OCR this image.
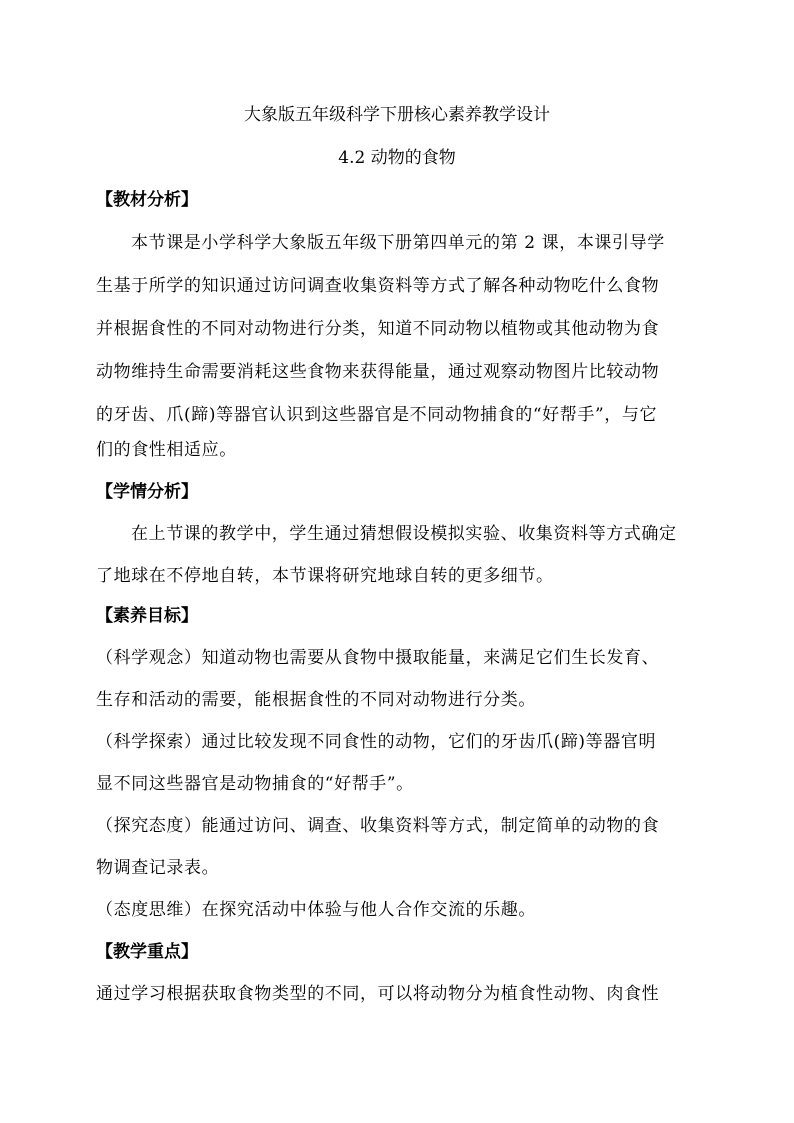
大象版五年级科学下册核心素养教学设计
4.2 动物的食物
【教材分析】
本节课是小学科学大象版五年级下册第四单元的第 2 课，本课引导学
生基于所学的知识通过访问调查收集资料等方式了解各种动物吃什么食物
并根据食性的不同对动物进行分类，知道不同动物以植物或其他动物为食
动物维持生命需要消耗这些食物来获得能量，通过观察动物图片比较动物
的牙齿、爪(蹄)等器官认识到这些器官是不同动物捕食的“好帮手”，与它
们的食性相适应。
【学情分析】
在上节课的教学中，学生通过猜想假设模拟实验、收集资料等方式确定
了地球在不停地自转，本节课将研究地球自转的更多细节。
【素养目标】
（科学观念）知道动物也需要从食物中摄取能量，来满足它们生长发育、
生存和活动的需要，能根据食性的不同对动物进行分类。
（科学探索）通过比较发现不同食性的动物，它们的牙齿爪(蹄)等器官明
显不同这些器官是动物捕食的“好帮手”。
（探究态度）能通过访问、调查、收集资料等方式，制定简单的动物的食
物调查记录表。
（态度思维）在探究活动中体验与他人合作交流的乐趣。
【教学重点】
通过学习根据获取食物类型的不同，可以将动物分为植食性动物、肉食性
